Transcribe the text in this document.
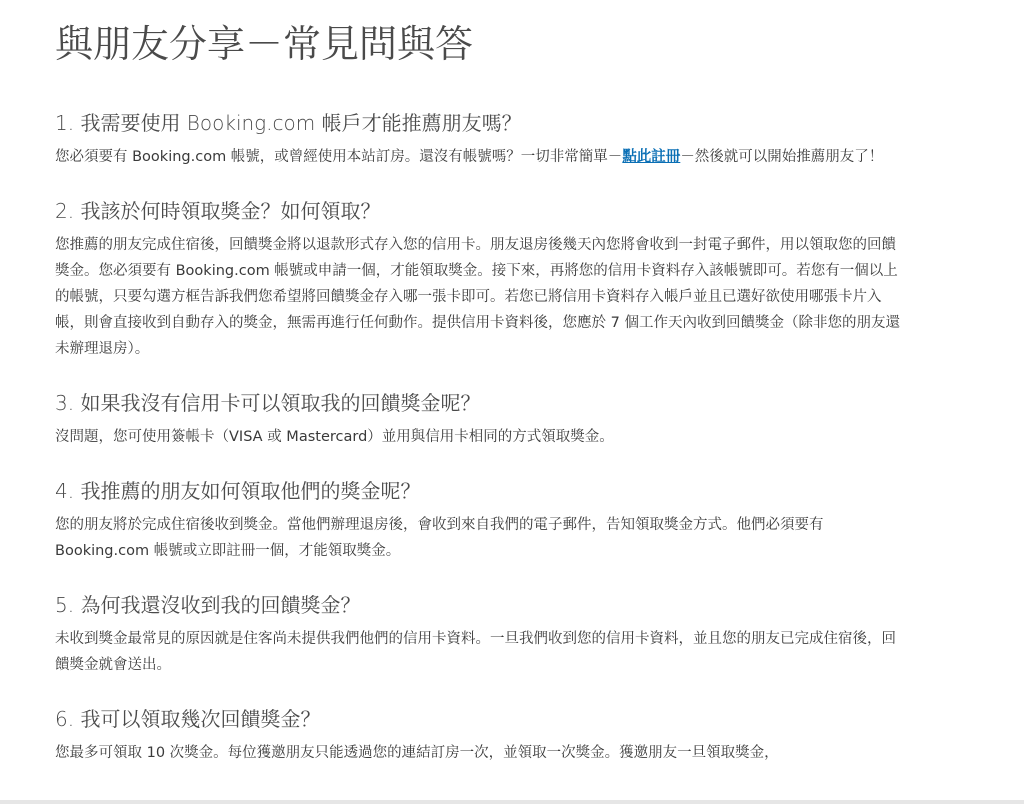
與朋友分享－常見問與答
1. 我需要使用 Booking.com 帳戶才能推薦朋友嗎？

您必須要有 Booking.com 帳號，或曾經使用本站訂房。還沒有帳號嗎？一切非常簡單－點此註冊－然後就可以開始推薦朋友了！

2. 我該於何時領取獎金？如何領取？

您推薦的朋友完成住宿後，回饋獎金將以退款形式存入您的信用卡。朋友退房後幾天內您將會收到一封電子郵件，用以領取您的回饋獎金。您必須要有 Booking.com 帳號或申請一個，才能領取獎金。接下來，再將您的信用卡資料存入該帳號即可。若您有一個以上的帳號，只要勾選方框告訴我們您希望將回饋獎金存入哪一張卡即可。若您已將信用卡資料存入帳戶並且已選好欲使用哪張卡片入帳，則會直接收到自動存入的獎金，無需再進行任何動作。提供信用卡資料後，您應於 7 個工作天內收到回饋獎金（除非您的朋友還未辦理退房）。

3. 如果我沒有信用卡可以領取我的回饋獎金呢？

沒問題，您可使用簽帳卡（VISA 或 Mastercard）並用與信用卡相同的方式領取獎金。

4. 我推薦的朋友如何領取他們的獎金呢？

您的朋友將於完成住宿後收到獎金。當他們辦理退房後，會收到來自我們的電子郵件，告知領取獎金方式。他們必須要有 Booking.com 帳號或立即註冊一個，才能領取獎金。

5. 為何我還沒收到我的回饋獎金？

未收到獎金最常見的原因就是住客尚未提供我們他們的信用卡資料。一旦我們收到您的信用卡資料，並且您的朋友已完成住宿後，回饋獎金就會送出。

6. 我可以領取幾次回饋獎金？

您最多可領取 10 次獎金。每位獲邀朋友只能透過您的連結訂房一次，並領取一次獎金。獲邀朋友一旦領取獎金，
